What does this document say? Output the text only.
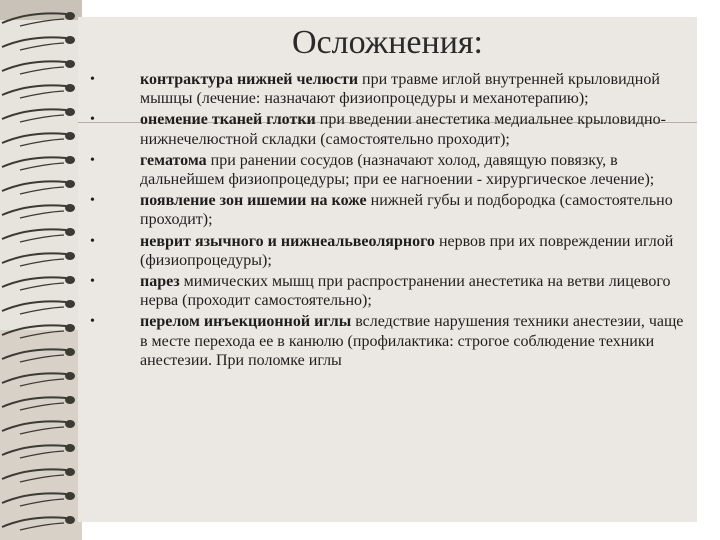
Осложнения:
•	контрактура нижней челюсти при травме иглой внутренней крыловидной мышцы (лечение: назначают физиопроцедуры и механотерапию);
•	онемение тканей глотки при введении анестетика медиальнее крыловидно-нижнечелюстной складки (самостоятельно проходит);
•	гематома при ранении сосудов (назначают холод, давящую повязку, в дальнейшем физиопроцедуры; при ее нагноении - хирургическое лечение);
•	появление зон ишемии на коже нижней губы и подбородка (самостоятельно проходит);
•	неврит язычного и нижнеальвеолярного нервов при их повреждении иглой (физиопроцедуры);
•	парез мимических мышц при распространении анестетика на ветви лицевого нерва (проходит самостоятельно);
•	перелом инъекционной иглы вследствие нарушения техники анестезии, чаще в месте перехода ее в канюлю (профилактика: строгое соблюдение техники анестезии. При поломке иглы
